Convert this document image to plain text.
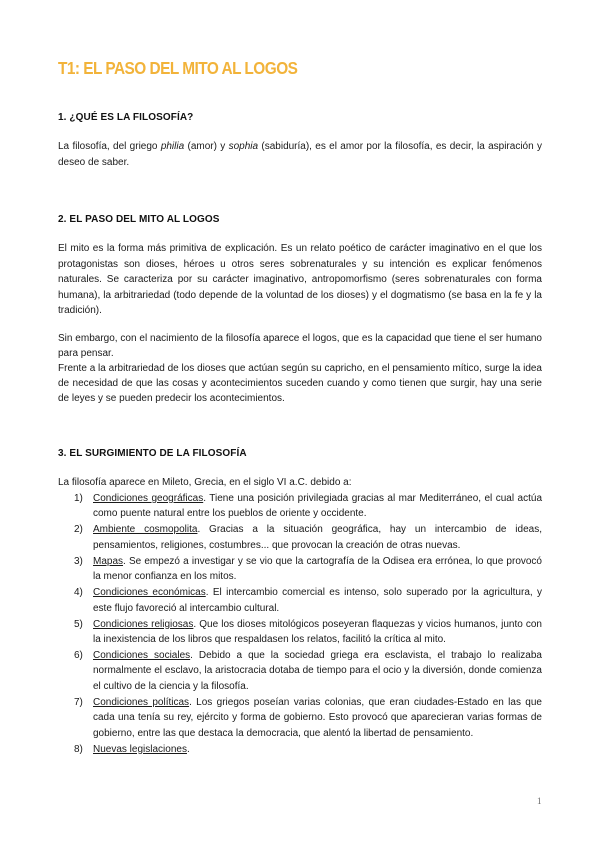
T1: EL PASO DEL MITO AL LOGOS
1. ¿QUÉ ES LA FILOSOFÍA?

La filosofía, del griego philia (amor) y sophia (sabiduría), es el amor por la filosofía, es decir, la aspiración y deseo de saber.

2. EL PASO DEL MITO AL LOGOS

El mito es la forma más primitiva de explicación. Es un relato poético de carácter imaginativo en el que los protagonistas son dioses, héroes u otros seres sobrenaturales y su intención es explicar fenómenos naturales. Se caracteriza por su carácter imaginativo, antropomorfismo (seres sobrenaturales con forma humana), la arbitrariedad (todo depende de la voluntad de los dioses) y el dogmatismo (se basa en la fe y la tradición).

Sin embargo, con el nacimiento de la filosofía aparece el logos, que es la capacidad que tiene el ser humano para pensar.

Frente a la arbitrariedad de los dioses que actúan según su capricho, en el pensamiento mítico, surge la idea de necesidad de que las cosas y acontecimientos suceden cuando y como tienen que surgir, hay una serie de leyes y se pueden predecir los acontecimientos.

3. EL SURGIMIENTO DE LA FILOSOFÍA

La filosofía aparece en Mileto, Grecia, en el siglo VI a.C. debido a:

1) Condiciones geográficas. Tiene una posición privilegiada gracias al mar Mediterráneo, el cual actúa como puente natural entre los pueblos de oriente y occidente.
2) Ambiente cosmopolita. Gracias a la situación geográfica, hay un intercambio de ideas, pensamientos, religiones, costumbres... que provocan la creación de otras nuevas.
3) Mapas. Se empezó a investigar y se vio que la cartografía de la Odisea era errónea, lo que provocó la menor confianza en los mitos.
4) Condiciones económicas. El intercambio comercial es intenso, solo superado por la agricultura, y este flujo favoreció al intercambio cultural.
5) Condiciones religiosas. Que los dioses mitológicos poseyeran flaquezas y vicios humanos, junto con la inexistencia de los libros que respaldasen los relatos, facilitó la crítica al mito.
6) Condiciones sociales. Debido a que la sociedad griega era esclavista, el trabajo lo realizaba normalmente el esclavo, la aristocracia dotaba de tiempo para el ocio y la diversión, donde comienza el cultivo de la ciencia y la filosofía.
7) Condiciones políticas. Los griegos poseían varias colonias, que eran ciudades-Estado en las que cada una tenía su rey, ejército y forma de gobierno. Esto provocó que aparecieran varias formas de gobierno, entre las que destaca la democracia, que alentó la libertad de pensamiento.
8) Nuevas legislaciones.
1
